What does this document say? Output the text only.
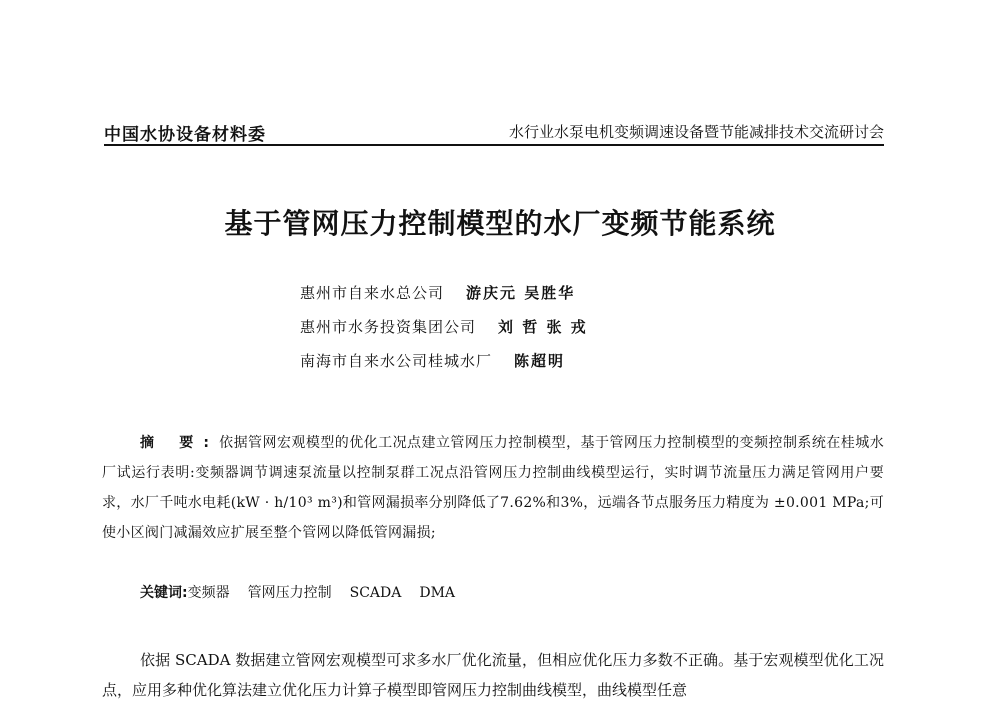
中国水协设备材料委	水行业水泵电机变频调速设备暨节能减排技术交流研讨会
基于管网压力控制模型的水厂变频节能系统
惠州市自来水总公司 游庆元 吴胜华
惠州市水务投资集团公司 刘 哲 张 戎
南海市自来水公司桂城水厂 陈超明
摘 要:依据管网宏观模型的优化工况点建立管网压力控制模型，基于管网压力控制模型的变频控制系统在桂城水厂试运行表明:变频器调节调速泵流量以控制泵群工况点沿管网压力控制曲线模型运行，实时调节流量压力满足管网用户要求，水厂千吨水电耗(kW · h/10³ m³)和管网漏损率分别降低了7.62%和3%，远端各节点服务压力精度为 ±0.001 MPa;可使小区阀门减漏效应扩展至整个管网以降低管网漏损;
关键词:变频器 管网压力控制 SCADA DMA
依据 SCADA 数据建立管网宏观模型可求多水厂优化流量，但相应优化压力多数不正确。基于宏观模型优化工况点，应用多种优化算法建立优化压力计算子模型即管网压力控制曲线模型，曲线模型任意
